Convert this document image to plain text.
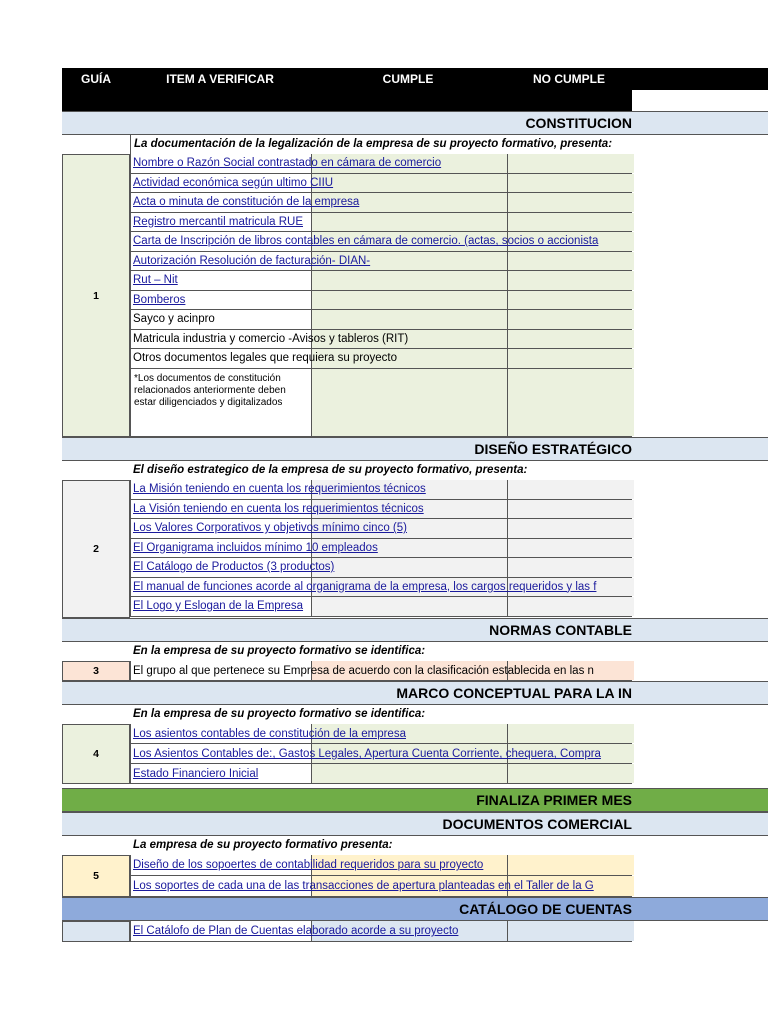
GUÍA	ITEM A VERIFICAR	CUMPLE	NO CUMPLE
CONSTITUCION
La documentación de la legalización de la empresa de su proyecto formativo, presenta:
1
Nombre o Razón Social contrastado en cámara de comercio
Actividad económica según ultimo CIIU
Acta o minuta de constitución de la empresa
Registro mercantil matricula RUE
Carta de Inscripción de libros contables en cámara de comercio. (actas, socios o accionista
Autorización Resolución de facturación- DIAN-
Rut – Nit
Bomberos
Sayco y acinpro
Matricula industria y comercio -Avisos y tableros (RIT)
Otros documentos legales que requiera su proyecto
*Los documentos de constitución relacionados anteriormente deben estar diligenciados y digitalizados
DISEÑO ESTRATÉGICO
El diseño estrategico de la empresa de su proyecto formativo, presenta:
2
La Misión teniendo en cuenta los requerimientos técnicos
La Visión teniendo en cuenta los requerimientos técnicos
Los Valores Corporativos y objetivos mínimo cinco (5)
El Organigrama incluidos mínimo 10 empleados
El Catálogo de Productos (3 productos)
El manual de funciones acorde al organigrama de la empresa, los cargos requeridos y las f
El Logo y Eslogan de la Empresa
NORMAS CONTABLE
En la empresa de su proyecto formativo se identifica:
3	El grupo al que pertenece su Empresa de acuerdo con la clasificación establecida en las n
MARCO CONCEPTUAL PARA LA IN
En la empresa de su proyecto formativo se identifica:
4
Los asientos contables de constitución de la empresa
Los Asientos Contables de:, Gastos Legales, Apertura Cuenta Corriente, chequera, Compra
Estado Financiero Inicial
FINALIZA PRIMER MES
DOCUMENTOS COMERCIAL
La empresa de su proyecto formativo presenta:
5
Diseño de los sopoertes de contabilidad requeridos para su proyecto
Los soportes de cada una de las transacciones de apertura planteadas en el Taller de la G
CATÁLOGO DE CUENTAS
El Catálofo de Plan de Cuentas elaborado acorde a su proyecto
